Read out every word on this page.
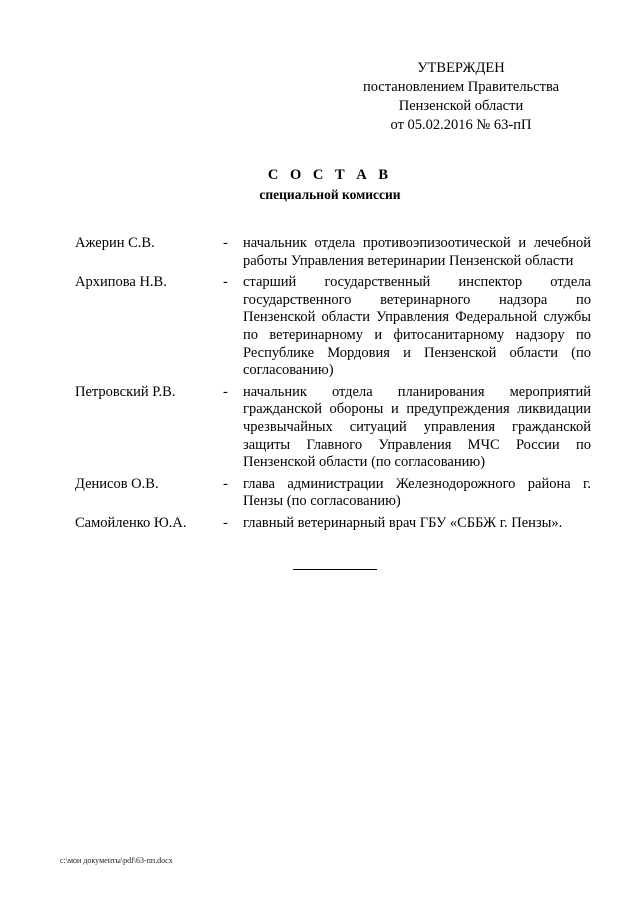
УТВЕРЖДЕН
постановлением Правительства
Пензенской области
от 05.02.2016 № 63-пП
С О С Т А В
специальной комиссии
Ажерин С.В.	-	начальник отдела противоэпизоотической и лечебной работы Управления ветеринарии Пензенской области
Архипова Н.В.	-	старший государственный инспектор отдела государственного ветеринарного надзора по Пензенской области Управления Федеральной службы по ветеринарному и фитосанитарному надзору по Республике Мордовия и Пензенской области (по согласованию)
Петровский Р.В.	-	начальник отдела планирования мероприятий гражданской обороны и предупреждения ликвидации чрезвычайных ситуаций управления гражданской защиты Главного Управления МЧС России по Пензенской области (по согласованию)
Денисов О.В.	-	глава администрации Железнодорожного района г. Пензы (по согласованию)
Самойленко Ю.А.	-	главный ветеринарный врач ГБУ «СББЖ г. Пензы».
c:\мои документы\pdf\63-пп.docx
